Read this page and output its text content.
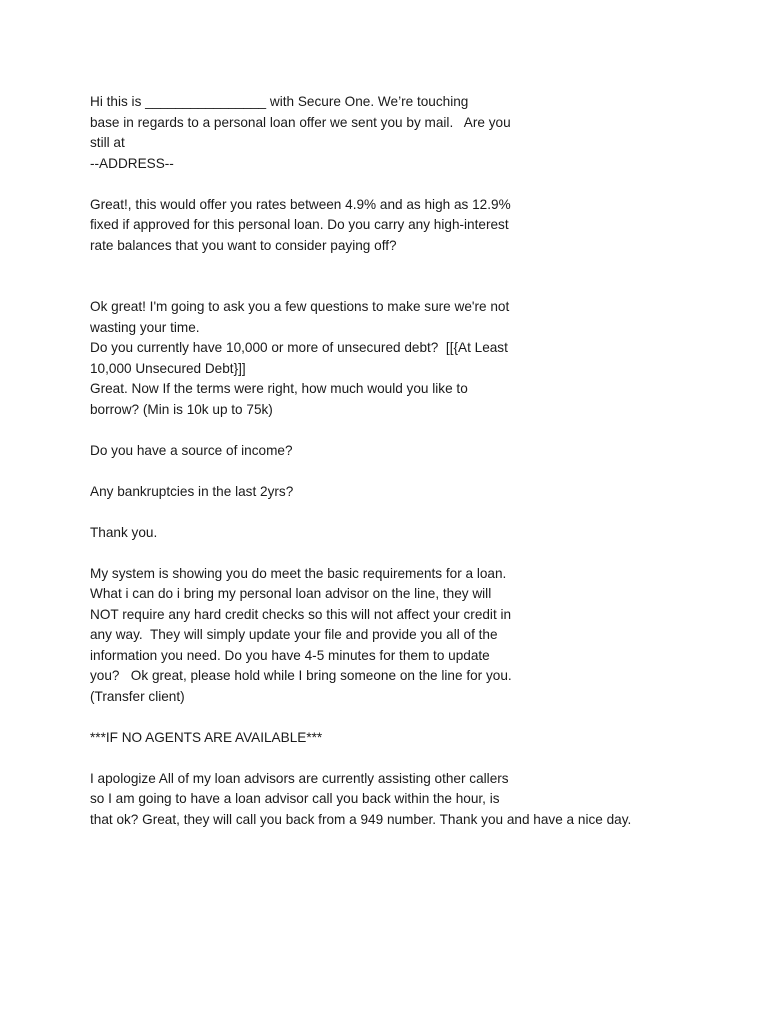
Hi this is ________________ with Secure One. We’re touching
base in regards to a personal loan offer we sent you by mail.   Are you
still at
--ADDRESS--
Great!, this would offer you rates between 4.9% and as high as 12.9%
fixed if approved for this personal loan. Do you carry any high-interest
rate balances that you want to consider paying off?
Ok great! I'm going to ask you a few questions to make sure we're not
wasting your time.
Do you currently have 10,000 or more of unsecured debt?  [[{At Least
10,000 Unsecured Debt}]]
Great. Now If the terms were right, how much would you like to
borrow? (Min is 10k up to 75k)
Do you have a source of income?
Any bankruptcies in the last 2yrs?
Thank you.
My system is showing you do meet the basic requirements for a loan.
What i can do i bring my personal loan advisor on the line, they will
NOT require any hard credit checks so this will not affect your credit in
any way.  They will simply update your file and provide you all of the
information you need. Do you have 4-5 minutes for them to update
you?   Ok great, please hold while I bring someone on the line for you.
(Transfer client)
***IF NO AGENTS ARE AVAILABLE***
I apologize All of my loan advisors are currently assisting other callers
so I am going to have a loan advisor call you back within the hour, is
that ok? Great, they will call you back from a 949 number. Thank you and have a nice day.
